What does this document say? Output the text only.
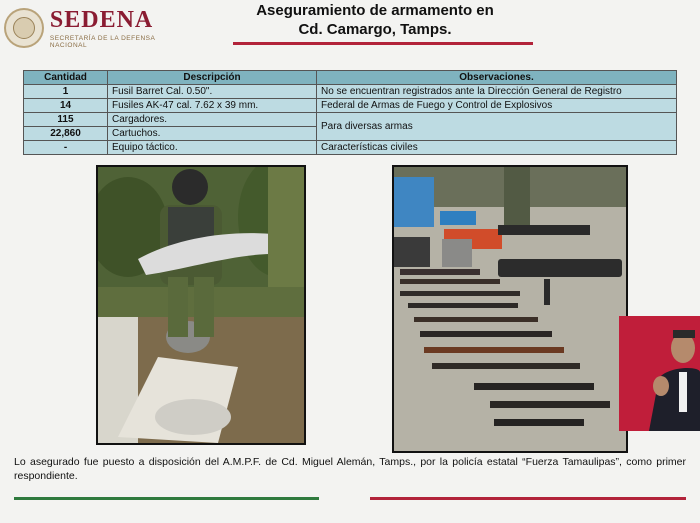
SEDENA
SECRETARÍA DE LA DEFENSA NACIONAL
Aseguramiento de armamento en
Cd. Camargo, Tamps.
Cantidad	Descripción	Observaciones.
1	Fusil Barret Cal. 0.50".	No se encuentran registrados ante la Dirección General de Registro
14	Fusiles AK-47 cal. 7.62 x 39 mm.	Federal de Armas de Fuego y Control de Explosivos
115	Cargadores.	Para diversas armas
22,860	Cartuchos.	
-	Equipo táctico.	Características civiles
Lo asegurado fue puesto a disposición del A.M.P.F. de Cd. Miguel Alemán, Tamps., por la policía estatal “Fuerza Tamaulipas”, como primer respondiente.
